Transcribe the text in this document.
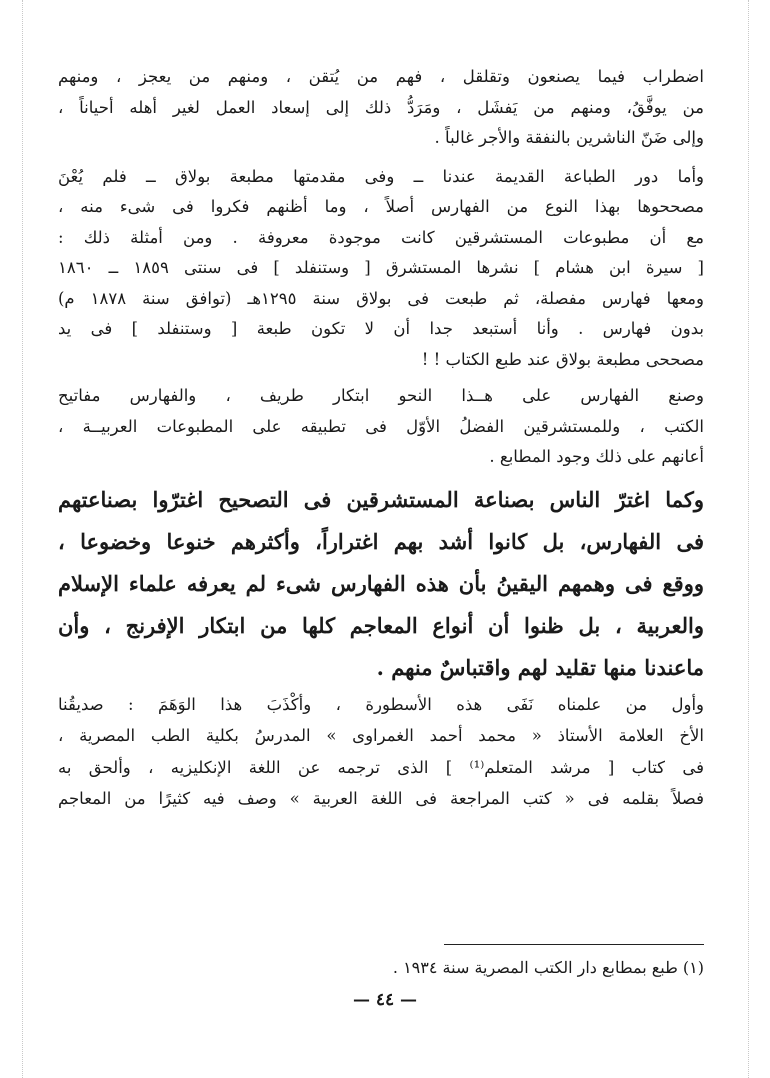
اضطراب فيما يصنعون وتقلقل ، فهم من يُتقن ، ومنهم من يعجز ، ومنهم

من يوفَّقُ، ومنهم من يَفشَل ، ومَرَدُّ ذلك إلى إسعاد العمل لغير أهله أحياناً ،

وإلى ضَنّ الناشرين بالنفقة والأجر غالباً .

وأما دور الطباعة القديمة عندنا ــ وفى مقدمتها مطبعة بولاق ــ فلم يُعْنَ

مصححوها بهذا النوع من الفهارس أصلاً ، وما أظنهم فكروا فى شىء منه ،

مع أن مطبوعات المستشرقين كانت موجودة معروفة . ومن أمثلة ذلك :

[ سيرة ابن هشام ] نشرها المستشرق [ وستنفلد ] فى سنتى ١٨٥٩ ــ ١٨٦٠

ومعها فهارس مفصلة، ثم طبعت فى بولاق سنة ١٢٩٥هـ (توافق سنة ١٨٧٨ م)

بدون فهارس . وأنا أستبعد جدا أن لا تكون طبعة [ وستنفلد ] فى يد

مصححى مطبعة بولاق عند طبع الكتاب ! !

وصنع الفهارس على هــذا النحو ابتكار طريف ، والفهارس مفاتيح

الكتب ، وللمستشرقين الفضلُ الأوّل فى تطبيقه على المطبوعات العربيــة ،

أعانهم على ذلك وجود المطابع .

وكما اغترّ الناس بصناعة المستشرقين فى التصحيح اغترّوا بصناعتهم

فى الفهارس، بل كانوا أشد بهم اغتراراً، وأكثرهم خنوعا وخضوعا ،

ووقع فى وهمهم اليقينُ بأن هذه الفهارس شىء لم يعرفه علماء الإسلام

والعربية ، بل ظنوا أن أنواع المعاجم كلها من ابتكار الإفرنج ، وأن

ماعندنا منها تقليد لهم واقتباسٌ منهم .

وأول من علمناه نَفَى هذه الأسطورة ، وأكْذَبَ هذا الوَهَمَ : صديقُنا

الأخ العلامة الأستاذ « محمد أحمد الغمراوى » المدرسُ بكلية الطب المصرية ،

فى كتاب [ مرشد المتعلم⁽¹⁾ ] الذى ترجمه عن اللغة الإنكليزيه ، وألحق به

فصلاً بقلمه فى « كتب المراجعة فى اللغة العربية » وصف فيه كثيرًا من المعاجم

(١) طبع بمطابع دار الكتب المصرية سنة ١٩٣٤ .
— ٤٤ —
